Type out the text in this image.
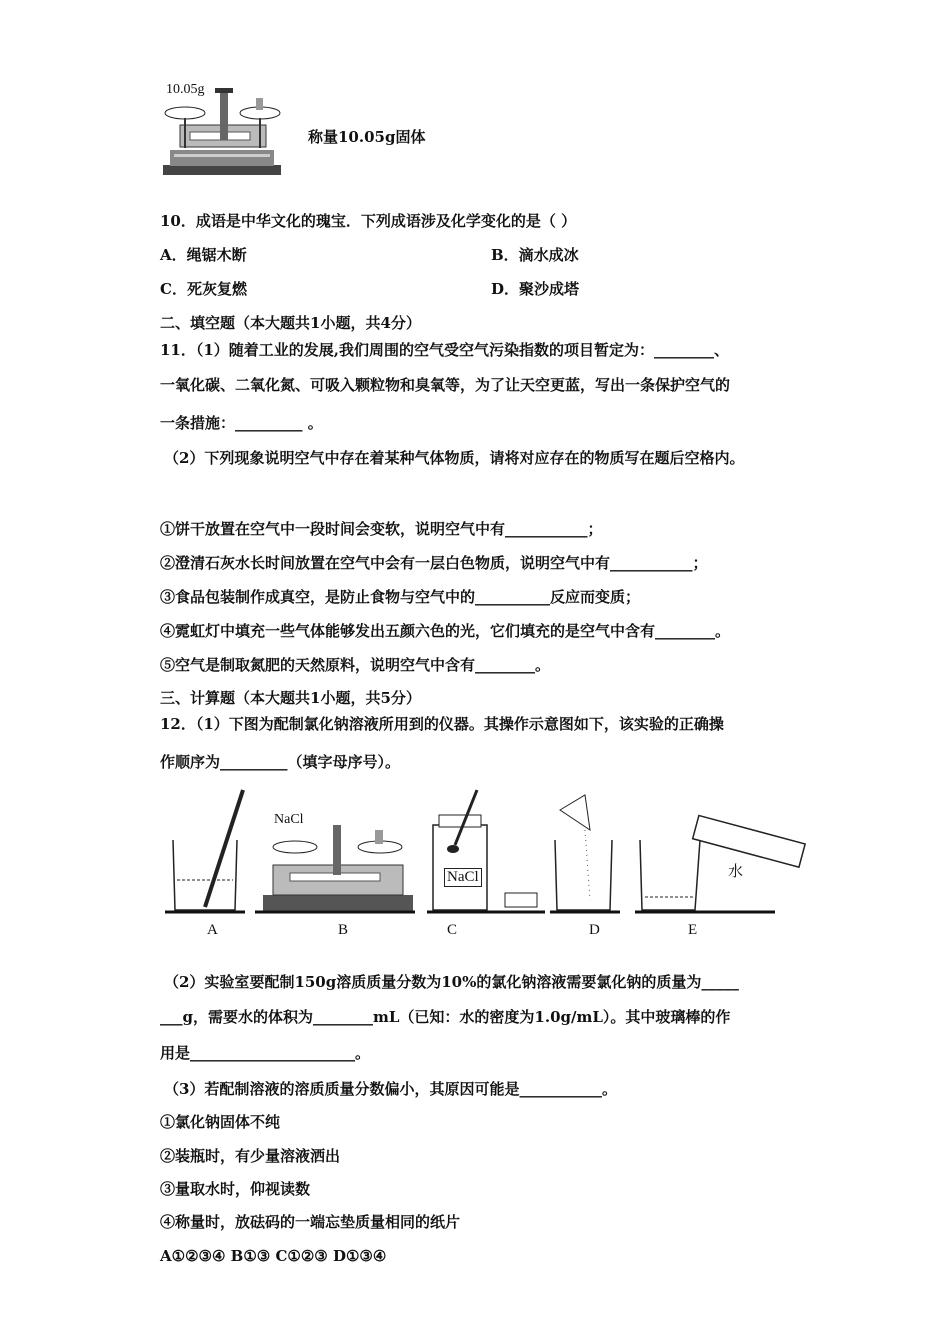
10.05g
称量10.05g固体
10．成语是中华文化的瑰宝．下列成语涉及化学变化的是（ ）
A．绳锯木断	B．滴水成冰
C．死灰复燃	D．聚沙成塔
二、填空题（本大题共1小题，共4分）
11．（1）随着工业的发展,我们周围的空气受空气污染指数的项目暂定为：________、
一氧化碳、二氧化氮、可吸入颗粒物和臭氧等，为了让天空更蓝，写出一条保护空气的
一条措施：_________ 。
（2）下列现象说明空气中存在着某种气体物质，请将对应存在的物质写在题后空格内。
①饼干放置在空气中一段时间会变软，说明空气中有___________；
②澄清石灰水长时间放置在空气中会有一层白色物质，说明空气中有___________；
③食品包装制作成真空，是防止食物与空气中的__________反应而变质；
④霓虹灯中填充一些气体能够发出五颜六色的光，它们填充的是空气中含有________。
⑤空气是制取氮肥的天然原料，说明空气中含有________。
三、计算题（本大题共1小题，共5分）
12．（1）下图为配制氯化钠溶液所用到的仪器。其操作示意图如下，该实验的正确操
作顺序为_________（填字母序号）。
NaCl
NaCl	水
A	B	C	D	E
（2）实验室要配制150g溶质质量分数为10%的氯化钠溶液需要氯化钠的质量为_____
___g，需要水的体积为________mL（已知：水的密度为1.0g/mL）。其中玻璃棒的作
用是______________________。
（3）若配制溶液的溶质质量分数偏小，其原因可能是___________。
①氯化钠固体不纯
②装瓶时，有少量溶液洒出
③量取水时，仰视读数
④称量时，放砝码的一端忘垫质量相同的纸片
A①②③④ B①③ C①②③ D①③④
